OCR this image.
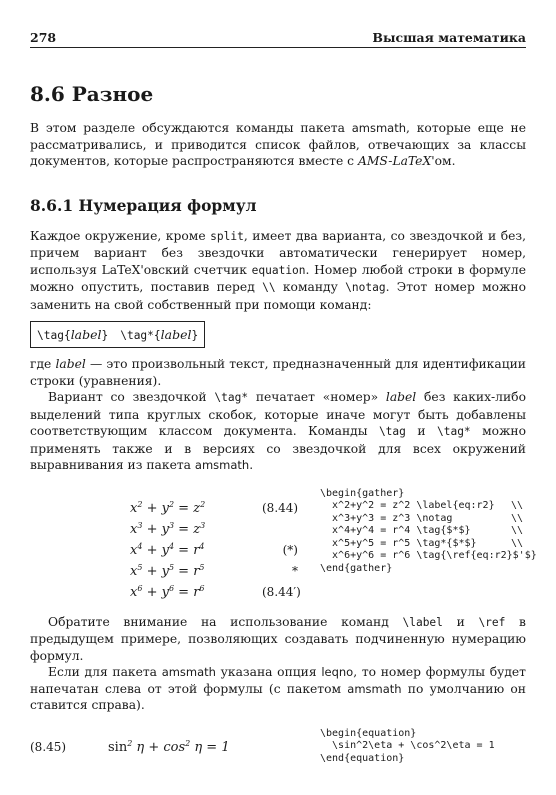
278	Высшая математика
8.6 Разное

В этом разделе обсуждаются команды пакета amsmath, которые еще не рассматривались, и приводится список файлов, отвечающих за классы документов, которые распространяются вместе с AMS-LaTeX'ом.

8.6.1 Нумерация формул

Каждое окружение, кроме split, имеет два варианта, со звездочкой и без, причем вариант без звездочки автоматически генерирует номер, используя LaTeX'овский счетчик equation. Номер любой строки в формуле можно опустить, поставив перед \\ команду \notag. Этот номер можно заменить на свой собственный при помощи команд:

\tag{label} \tag*{label}

где label — это произвольный текст, предназначенный для идентификации строки (уравнения).

Вариант со звездочкой \tag* печатает «номер» label без каких-либо выделений типа круглых скобок, которые иначе могут быть добавлены соответствующим классом документа. Команды \tag и \tag* можно применять также и в версиях со звездочкой для всех окружений выравнивания из пакета amsmath.

$x^2 + y^2 = z^2$
$x^3 + y^3 = z^3$
$x^4 + y^4 = r^4$
$x^5 + y^5 = r^5$
$x^6 + y^6 = r^6$
(8.44)
(*)
*
(8.44′)
\begin{gather}
x^2+y^2 = z^2 \label{eq:r2}
x^3+y^3 = z^3 \notag
x^4+y^4 = r^4 \tag{$*$}
x^5+y^5 = r^5 \tag*{$*$}
x^6+y^6 = r^6 \tag{\ref{eq:r2}$'$}
\end{gather}
\\
\\
\\
\\

Обратите внимание на использование команд \label и \ref в предыдущем примере, позволяющих создавать подчиненную нумерацию формул.

Если для пакета amsmath указана опция leqno, то номер формулы будет напечатан слева от этой формулы (с пакетом amsmath по умолчанию он ставится справа).

(8.45)	$\sin^2 \eta + \cos^2 \eta = 1$
\begin{equation}
\sin^2\eta + \cos^2\eta = 1
\end{equation}
